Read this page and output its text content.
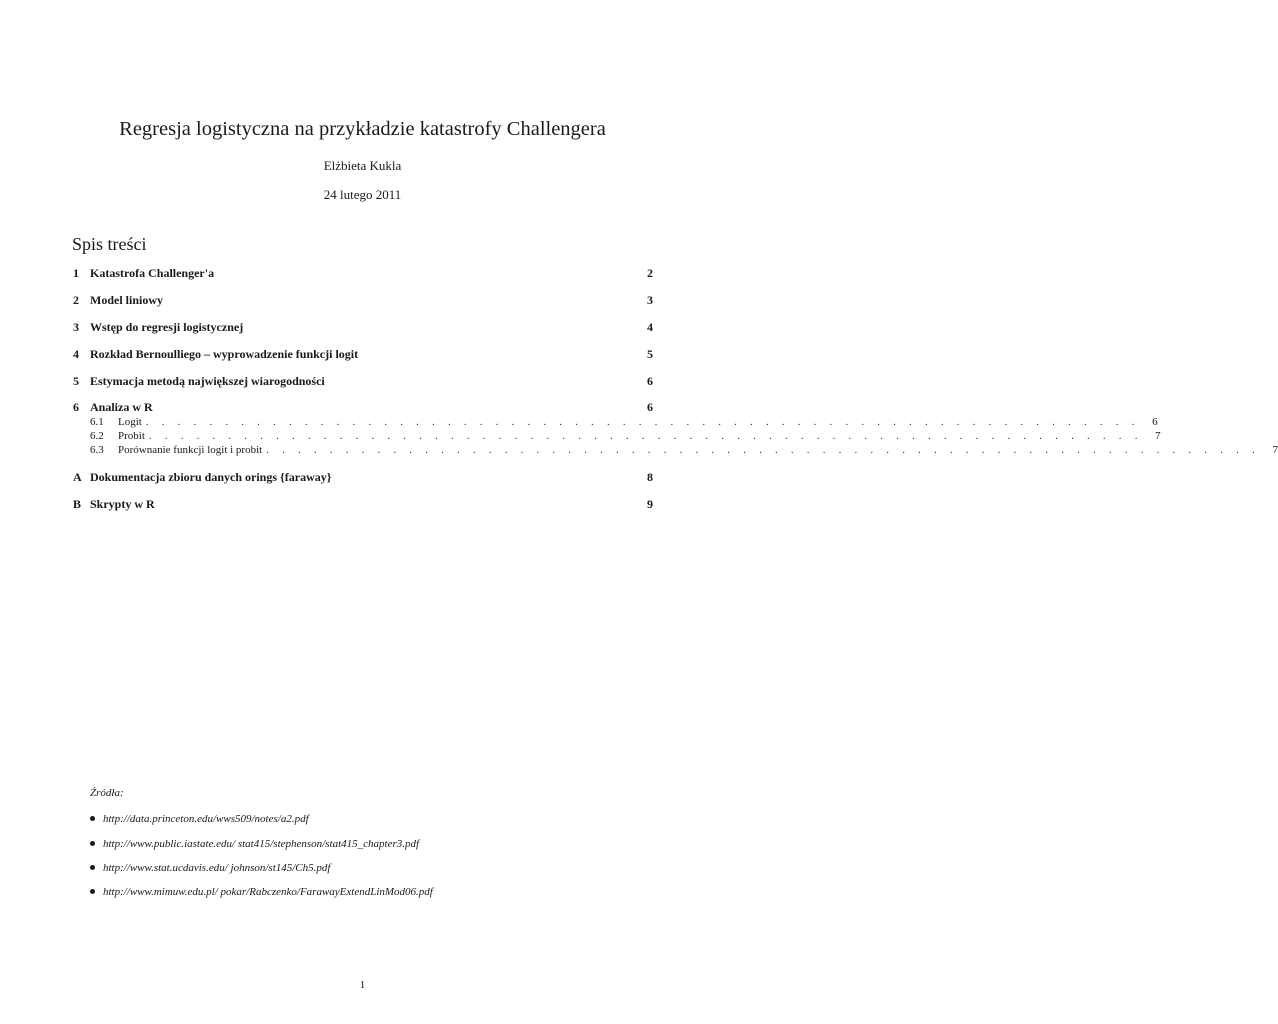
Regresja logistyczna na przykładzie katastrofy Challengera
Elżbieta Kukla
24 lutego 2011
Spis treści
1 Katastrofa Challenger'a	2
2 Model liniowy	3
3 Wstęp do regresji logistycznej	4
4 Rozkład Bernoulliego – wyprowadzenie funkcji logit	5
5 Estymacja metodą największej wiarogodności	6
6 Analiza w R	6
6.1	Logit . . . . . . . . . . . . . . . . . . . . . . . . . . . . . . . . . . . . . . . . . . . . . . . . . . . . . . . . . . . . . . .	6
6.2	Probit . . . . . . . . . . . . . . . . . . . . . . . . . . . . . . . . . . . . . . . . . . . . . . . . . . . . . . . . . . . . . . .	7
6.3	Porównanie funkcji logit i probit . . . . . . . . . . . . . . . . . . . . . . . . . . . . . . . . . . . . . . . . . . . . . . . . . . . . . . . . . . . . . . .	7
A Dokumentacja zbioru danych orings {faraway}	8
B Skrypty w R	9
Źródła:
http://data.princeton.edu/wws509/notes/a2.pdf
http://www.public.iastate.edu/ stat415/stephenson/stat415_chapter3.pdf
http://www.stat.ucdavis.edu/ johnson/st145/Ch5.pdf
http://www.mimuw.edu.pl/ pokar/Rabczenko/FarawayExtendLinMod06.pdf
1
